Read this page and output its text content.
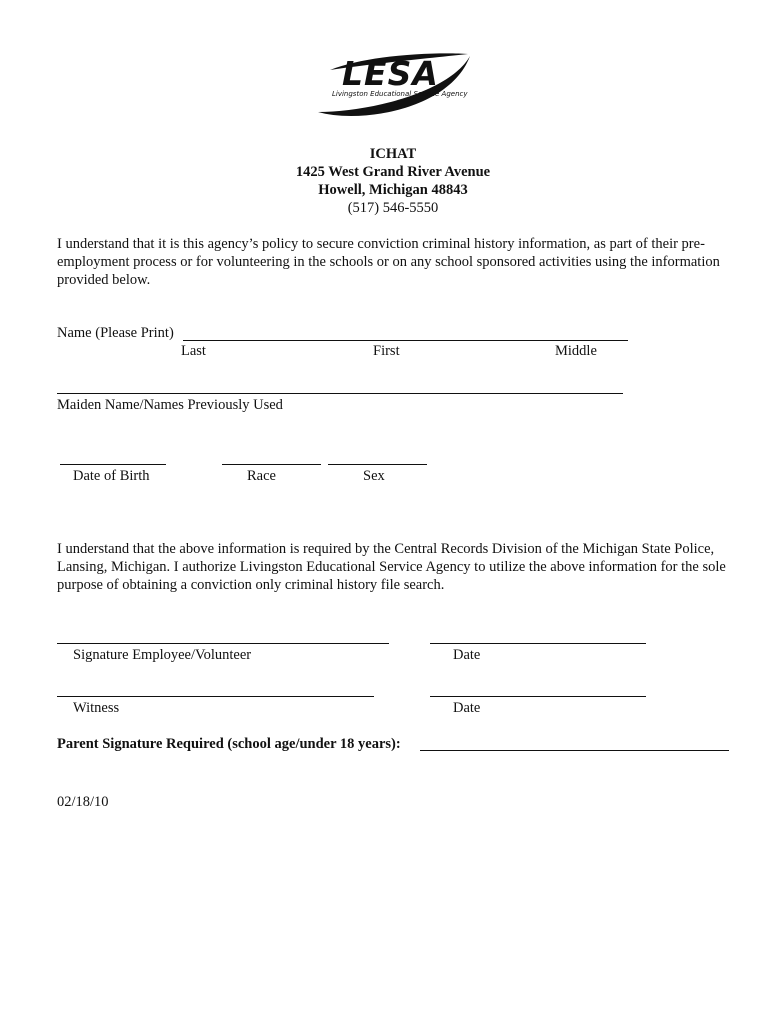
LESA
Livingston Educational Service Agency
ICHAT
1425 West Grand River Avenue
Howell, Michigan 48843
(517) 546-5550
I understand that it is this agency’s policy to secure conviction criminal history information, as part of their pre-employment process or for volunteering in the schools or on any school sponsored activities using the information provided below.
Name (Please Print)
Last	First	Middle
Maiden Name/Names Previously Used
Date of Birth	Race	Sex
I understand that the above information is required by the Central Records Division of the Michigan State Police, Lansing, Michigan. I authorize Livingston Educational Service Agency to utilize the above information for the sole purpose of obtaining a conviction only criminal history file search.
Signature Employee/Volunteer	Date
Witness	Date
Parent Signature Required (school age/under 18 years):
02/18/10
